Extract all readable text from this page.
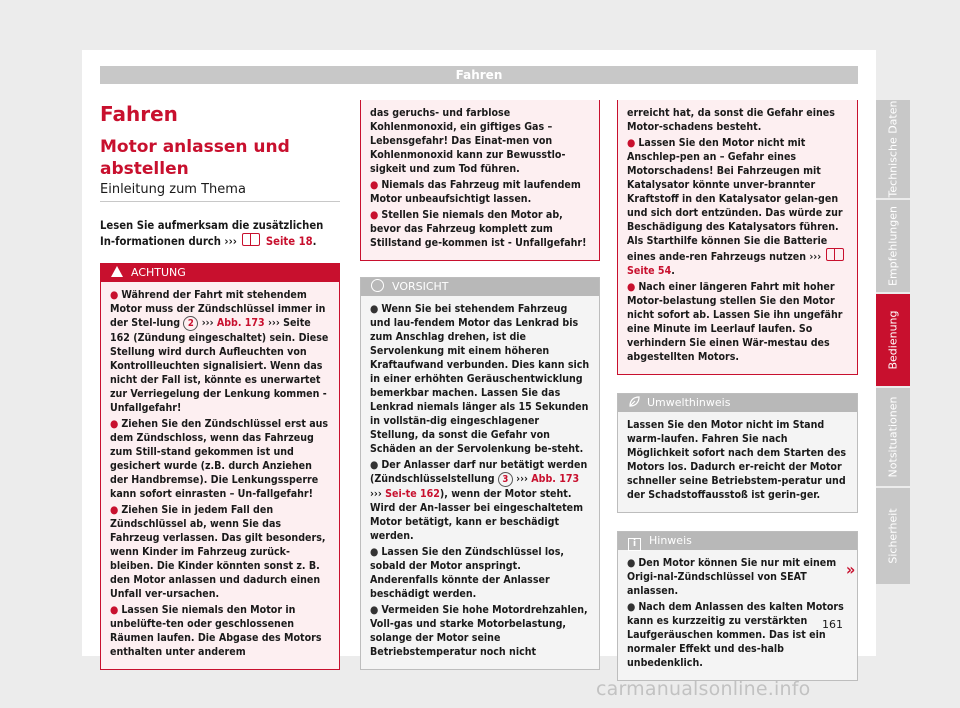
Fahren
Fahren
Motor anlassen und abstellen
Einleitung zum Thema

Lesen Sie aufmerksam die zusätzlichen In-formationen durch ›››	Seite 18.

ACHTUNG
● Während der Fahrt mit stehendem Motor muss der Zündschlüssel immer in der Stel-lung 2 ››› Abb. 173 ››› Seite 162 (Zündung eingeschaltet) sein. Diese Stellung wird durch Aufleuchten von Kontrollleuchten signalisiert. Wenn das nicht der Fall ist, könnte es unerwartet zur Verriegelung der Lenkung kommen - Unfallgefahr!
● Ziehen Sie den Zündschlüssel erst aus dem Zündschloss, wenn das Fahrzeug zum Still-stand gekommen ist und gesichert wurde (z.B. durch Anziehen der Handbremse). Die Lenkungssperre kann sofort einrasten – Un-fallgefahr!
● Ziehen Sie in jedem Fall den Zündschlüssel ab, wenn Sie das Fahrzeug verlassen. Das gilt besonders, wenn Kinder im Fahrzeug zurück-bleiben. Die Kinder könnten sonst z. B. den Motor anlassen und dadurch einen Unfall ver-ursachen.
● Lassen Sie niemals den Motor in unbelüfte-ten oder geschlossenen Räumen laufen. Die Abgase des Motors enthalten unter anderem
das geruchs- und farblose Kohlenmonoxid, ein giftiges Gas – Lebensgefahr! Das Einat-men von Kohlenmonoxid kann zur Bewusstlo-sigkeit und zum Tod führen.
● Niemals das Fahrzeug mit laufendem Motor unbeaufsichtigt lassen.
● Stellen Sie niemals den Motor ab, bevor das Fahrzeug komplett zum Stillstand ge-kommen ist - Unfallgefahr!
VORSICHT
● Wenn Sie bei stehendem Fahrzeug und lau-fendem Motor das Lenkrad bis zum Anschlag drehen, ist die Servolenkung mit einem höheren Kraftaufwand verbunden. Dies kann sich in einer erhöhten Geräuschentwicklung bemerkbar machen. Lassen Sie das Lenkrad niemals länger als 15 Sekunden in vollstän-dig eingeschlagener Stellung, da sonst die Gefahr von Schäden an der Servolenkung be-steht.
● Der Anlasser darf nur betätigt werden (Zündschlüsselstellung 3 ››› Abb. 173 ››› Sei-te 162), wenn der Motor steht. Wird der An-lasser bei eingeschaltetem Motor betätigt, kann er beschädigt werden.
● Lassen Sie den Zündschlüssel los, sobald der Motor anspringt. Anderenfalls könnte der Anlasser beschädigt werden.
● Vermeiden Sie hohe Motordrehzahlen, Voll-gas und starke Motorbelastung, solange der Motor seine Betriebstemperatur noch nicht
erreicht hat, da sonst die Gefahr eines Motor-schadens besteht.
● Lassen Sie den Motor nicht mit Anschlep-pen an – Gefahr eines Motorschadens! Bei Fahrzeugen mit Katalysator könnte unver-brannter Kraftstoff in den Katalysator gelan-gen und sich dort entzünden. Das würde zur Beschädigung des Katalysators führen. Als Starthilfe können Sie die Batterie eines ande-ren Fahrzeugs nutzen ›››  Seite 54.
● Nach einer längeren Fahrt mit hoher Motor-belastung stellen Sie den Motor nicht sofort ab. Lassen Sie ihn ungefähr eine Minute im Leerlauf laufen. So verhindern Sie einen Wär-mestau des abgestellten Motors.
Umwelthinweis
Lassen Sie den Motor nicht im Stand warm-laufen. Fahren Sie nach Möglichkeit sofort nach dem Starten des Motors los. Dadurch er-reicht der Motor schneller seine Betriebstem-peratur und der Schadstoffausstoß ist gerin-ger.
i Hinweis
● Den Motor können Sie nur mit einem Origi-nal-Zündschlüssel von SEAT anlassen.
● Nach dem Anlassen des kalten Motors kann es kurzzeitig zu verstärkten Laufgeräuschen kommen. Das ist ein normaler Effekt und des-halb unbedenklich.
»
Technische Daten
Empfehlungen
Bedienung
Notsituationen
Sicherheit
161
carmanualsonline.info
